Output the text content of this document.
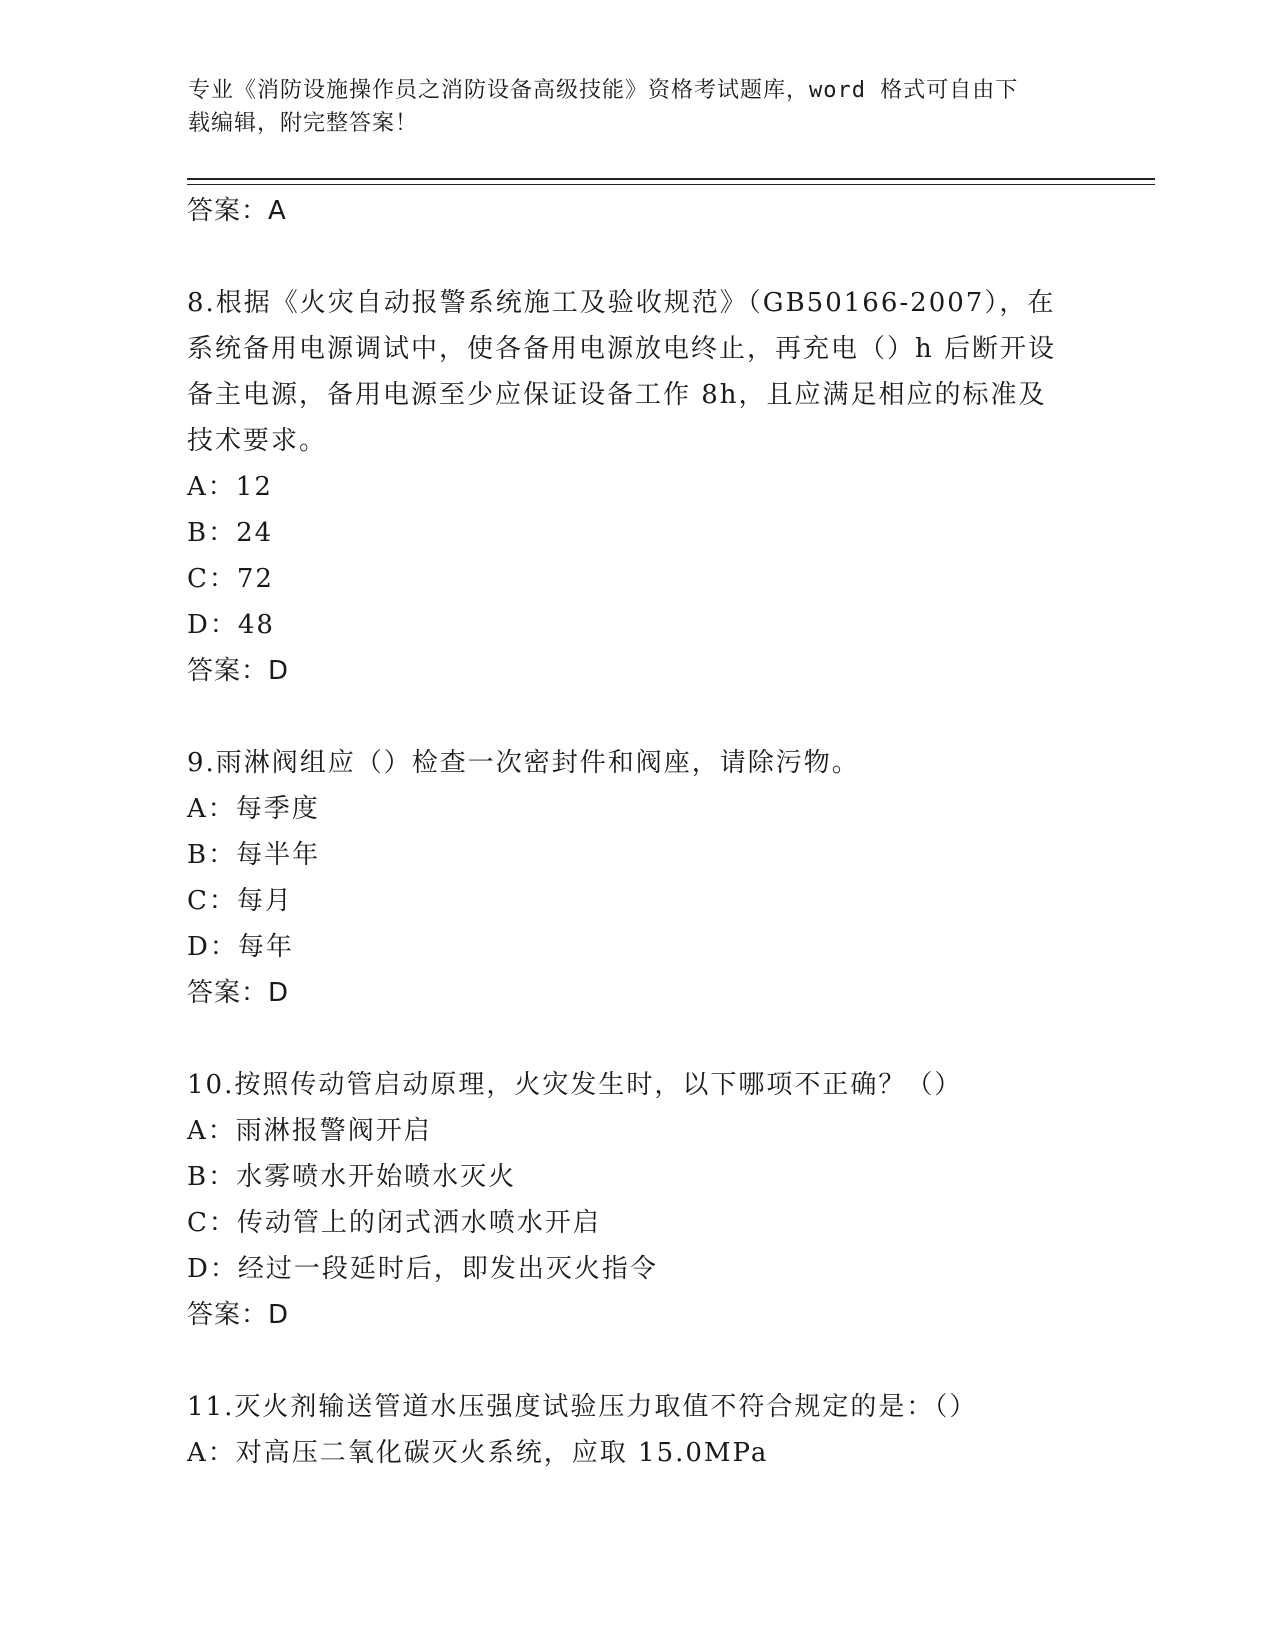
专业《消防设施操作员之消防设备高级技能》资格考试题库，word 格式可自由下
载编辑，附完整答案！
答案：A
8.根据《火灾自动报警系统施工及验收规范》（GB50166-2007），在
系统备用电源调试中，使各备用电源放电终止，再充电（）h 后断开设
备主电源，备用电源至少应保证设备工作 8h，且应满足相应的标准及
技术要求。
A：12
B：24
C：72
D：48
答案：D
9.雨淋阀组应（）检查一次密封件和阀座，请除污物。
A：每季度
B：每半年
C：每月
D：每年
答案：D
10.按照传动管启动原理，火灾发生时，以下哪项不正确？（）
A：雨淋报警阀开启
B：水雾喷水开始喷水灭火
C：传动管上的闭式洒水喷水开启
D：经过一段延时后，即发出灭火指令
答案：D
11.灭火剂输送管道水压强度试验压力取值不符合规定的是：（）
A：对高压二氧化碳灭火系统，应取 15.0MPa
